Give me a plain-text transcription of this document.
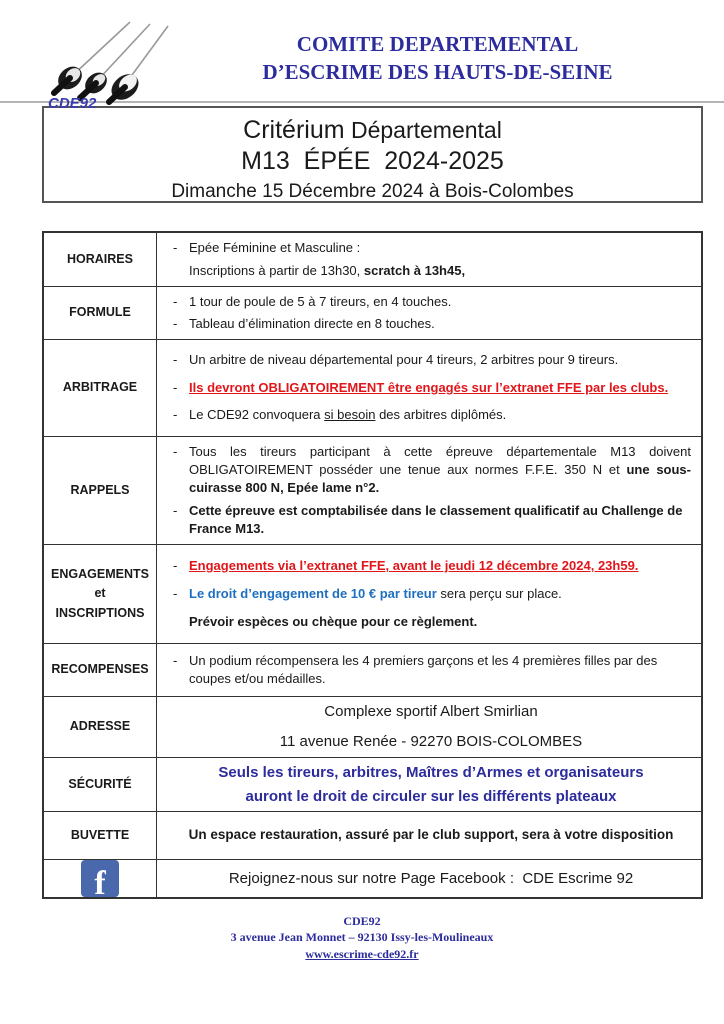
CDE92
COMITE DEPARTEMENTAL
D’ESCRIME DES HAUTS-DE-SEINE
Critérium Départemental
M13  ÉPÉE  2024-2025
Dimanche 15 Décembre 2024 à Bois-Colombes
HORAIRES
- Epée Féminine et Masculine :
Inscriptions à partir de 13h30, scratch à 13h45,
FORMULE
- 1 tour de poule de 5 à 7 tireurs, en 4 touches.
- Tableau d’élimination directe en 8 touches.
ARBITRAGE
- Un arbitre de niveau départemental pour 4 tireurs, 2 arbitres pour 9 tireurs.
- Ils devront OBLIGATOIREMENT être engagés sur l’extranet FFE par les clubs.
- Le CDE92 convoquera si besoin des arbitres diplômés.
RAPPELS
- Tous les tireurs participant à cette épreuve départementale M13 doivent OBLIGATOIREMENT posséder une tenue aux normes F.F.E. 350 N et une sous-cuirasse 800 N, Epée lame n°2.
- Cette épreuve est comptabilisée dans le classement qualificatif au Challenge de France M13.
ENGAGEMENTS
et
INSCRIPTIONS
- Engagements via l’extranet FFE, avant le jeudi 12 décembre 2024, 23h59.
- Le droit d’engagement de 10 € par tireur sera perçu sur place.
Prévoir espèces ou chèque pour ce règlement.
RECOMPENSES
- Un podium récompensera les 4 premiers garçons et les 4 premières filles par des coupes et/ou médailles.
ADRESSE
Complexe sportif Albert Smirlian
11 avenue Renée - 92270 BOIS-COLOMBES
SÉCURITÉ
Seuls les tireurs, arbitres, Maîtres d’Armes et organisateurs
auront le droit de circuler sur les différents plateaux
BUVETTE	Un espace restauration, assuré par le club support, sera à votre disposition
f	Rejoignez-nous sur notre Page Facebook :  CDE Escrime 92
CDE92
3 avenue Jean Monnet – 92130 Issy-les-Moulineaux
www.escrime-cde92.fr
